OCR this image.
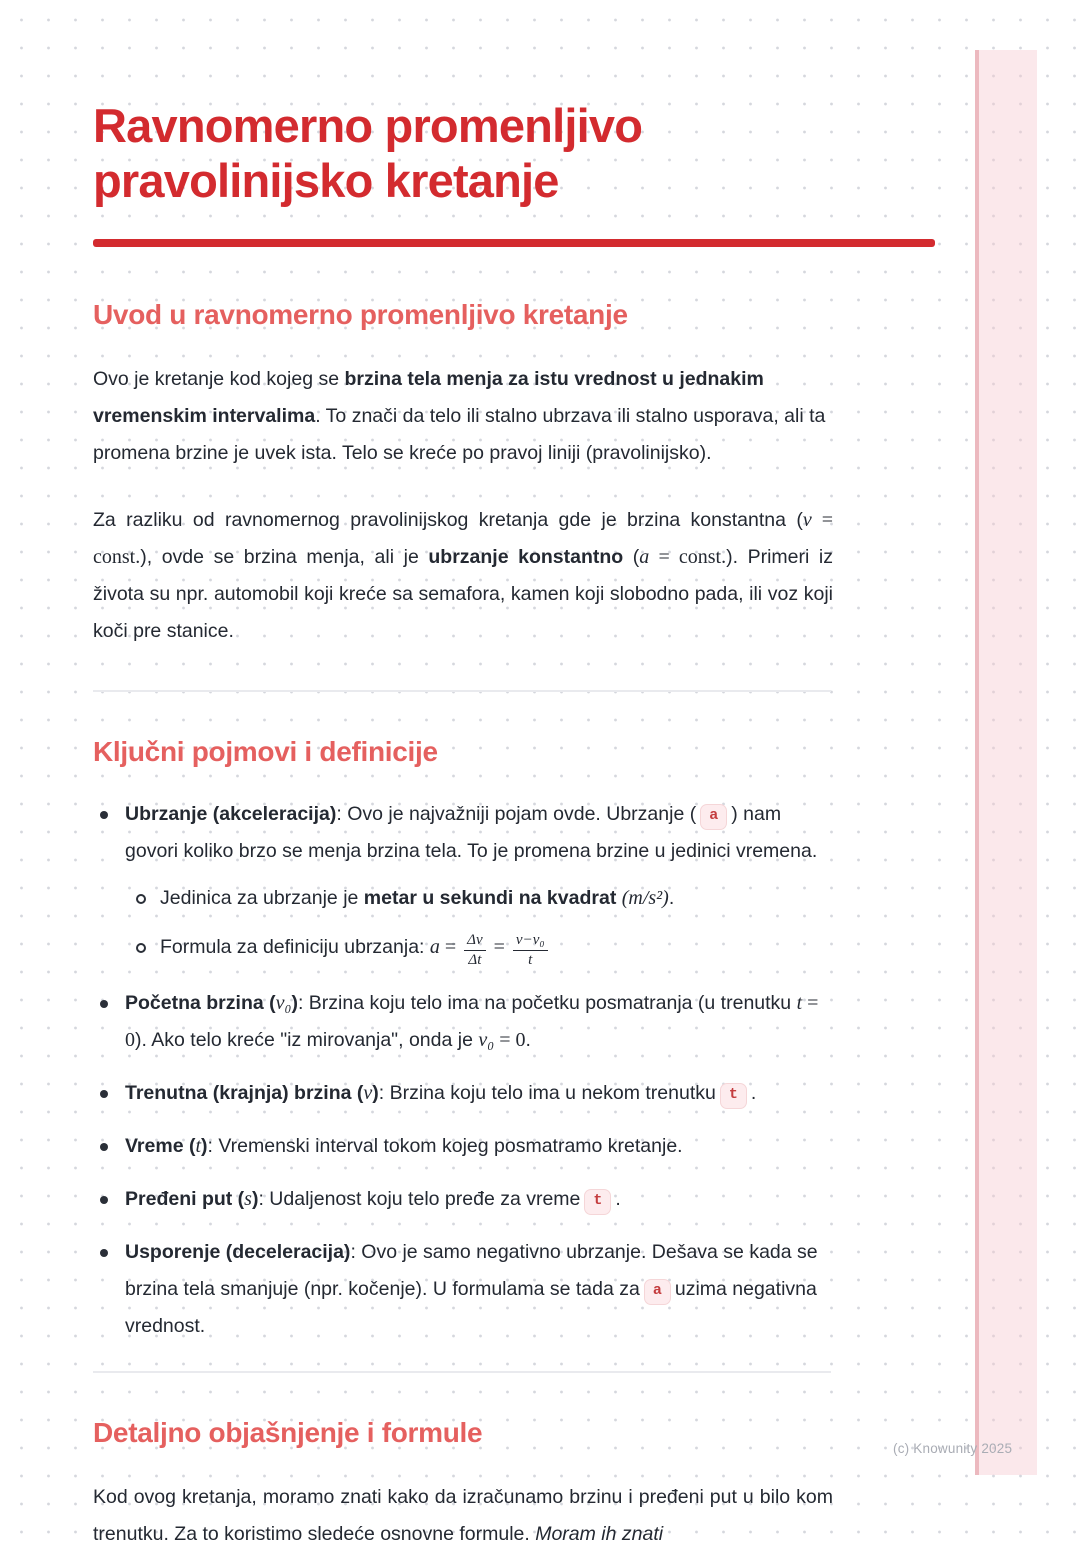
Ravnomerno promenljivo
pravolinijsko kretanje
Uvod u ravnomerno promenljivo kretanje

Ovo je kretanje kod kojeg se brzina tela menja za istu vrednost u jednakim vremenskim intervalima. To znači da telo ili stalno ubrzava ili stalno usporava, ali ta promena brzine je uvek ista. Telo se kreće po pravoj liniji (pravolinijsko).

Za razliku od ravnomernog pravolinijskog kretanja gde je brzina konstantna (v = const.), ovde se brzina menja, ali je ubrzanje konstantno (a = const.). Primeri iz života su npr. automobil koji kreće sa semafora, kamen koji slobodno pada, ili voz koji koči pre stanice.

Ključni pojmovi i definicije
Ubrzanje (akceleracija): Ovo je najvažniji pojam ovde. Ubrzanje ( a ) nam govori koliko brzo se menja brzina tela. To je promena brzine u jedinici vremena.
Jedinica za ubrzanje je metar u sekundi na kvadrat (m/s²).
Formula za definiciju ubrzanja: $a = \frac{\Delta v}{\Delta t} = \frac{\text{v−v₀}}{t}$
Početna brzina (v₀): Brzina koju telo ima na početku posmatranja (u trenutku t = 0). Ako telo kreće "iz mirovanja", onda je v₀ = 0.
Trenutna (krajnja) brzina (v): Brzina koju telo ima u nekom trenutku t .
Vreme (t): Vremenski interval tokom kojeg posmatramo kretanje.
Pređeni put (s): Udaljenost koju telo pređe za vreme t .
Usporenje (deceleracija): Ovo je samo negativno ubrzanje. Dešava se kada se brzina tela smanjuje (npr. kočenje). U formulama se tada za a uzima negativna vrednost.
Detaljno objašnjenje i formule

Kod ovog kretanja, moramo znati kako da izračunamo brzinu i pređeni put u bilo kom trenutku. Za to koristimo sledeće osnovne formule. Moram ih znati

(c) Knowunity 2025
